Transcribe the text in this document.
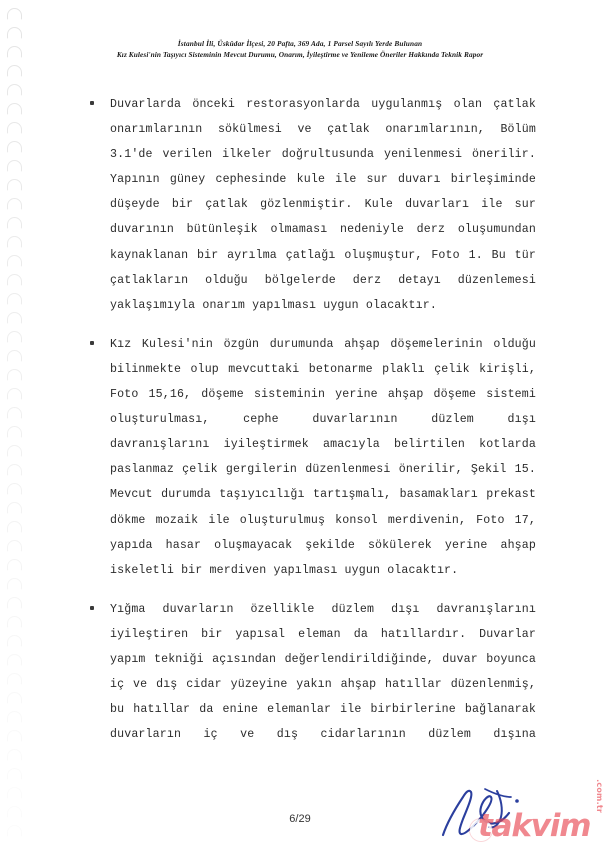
İstanbul İli, Üsküdar İlçesi, 20 Pafta, 369 Ada, 1 Parsel Sayılı Yerde Bulunan
Kız Kulesi'nin Taşıyıcı Sisteminin Mevcut Durumu, Onarım, İyileştirme ve Yenileme Öneriler Hakkında Teknik Rapor
Duvarlarda önceki restorasyonlarda uygulanmış olan çatlak onarımlarının sökülmesi ve çatlak onarımlarının, Bölüm 3.1'de verilen ilkeler doğrultusunda yenilenmesi önerilir. Yapının güney cephesinde kule ile sur duvarı birleşiminde düşeyde bir çatlak gözlenmiştir. Kule duvarları ile sur duvarının bütünleşik olmaması nedeniyle derz oluşumundan kaynaklanan bir ayrılma çatlağı oluşmuştur, Foto 1. Bu tür çatlakların olduğu bölgelerde derz detayı düzenlemesi yaklaşımıyla onarım yapılması uygun olacaktır.
Kız Kulesi'nin özgün durumunda ahşap döşemelerinin olduğu bilinmekte olup mevcuttaki betonarme plaklı çelik kirişli, Foto 15,16, döşeme sisteminin yerine ahşap döşeme sistemi oluşturulması, cephe duvarlarının düzlem dışı davranışlarını iyileştirmek amacıyla belirtilen kotlarda paslanmaz çelik gergilerin düzenlenmesi önerilir, Şekil 15. Mevcut durumda taşıyıcılığı tartışmalı, basamakları prekast dökme mozaik ile oluşturulmuş konsol merdivenin, Foto 17, yapıda hasar oluşmayacak şekilde sökülerek yerine ahşap iskeletli bir merdiven yapılması uygun olacaktır.
Yığma duvarların özellikle düzlem dışı davranışlarını iyileştiren bir yapısal eleman da hatıllardır. Duvarlar yapım tekniği açısından değerlendirildiğinde, duvar boyunca iç ve dış cidar yüzeyine yakın ahşap hatıllar düzenlenmiş, bu hatıllar da enine elemanlar ile birbirlerine bağlanarak duvarların iç ve dış cidarlarının düzlem dışına
6/29	takvim
.com.tr
